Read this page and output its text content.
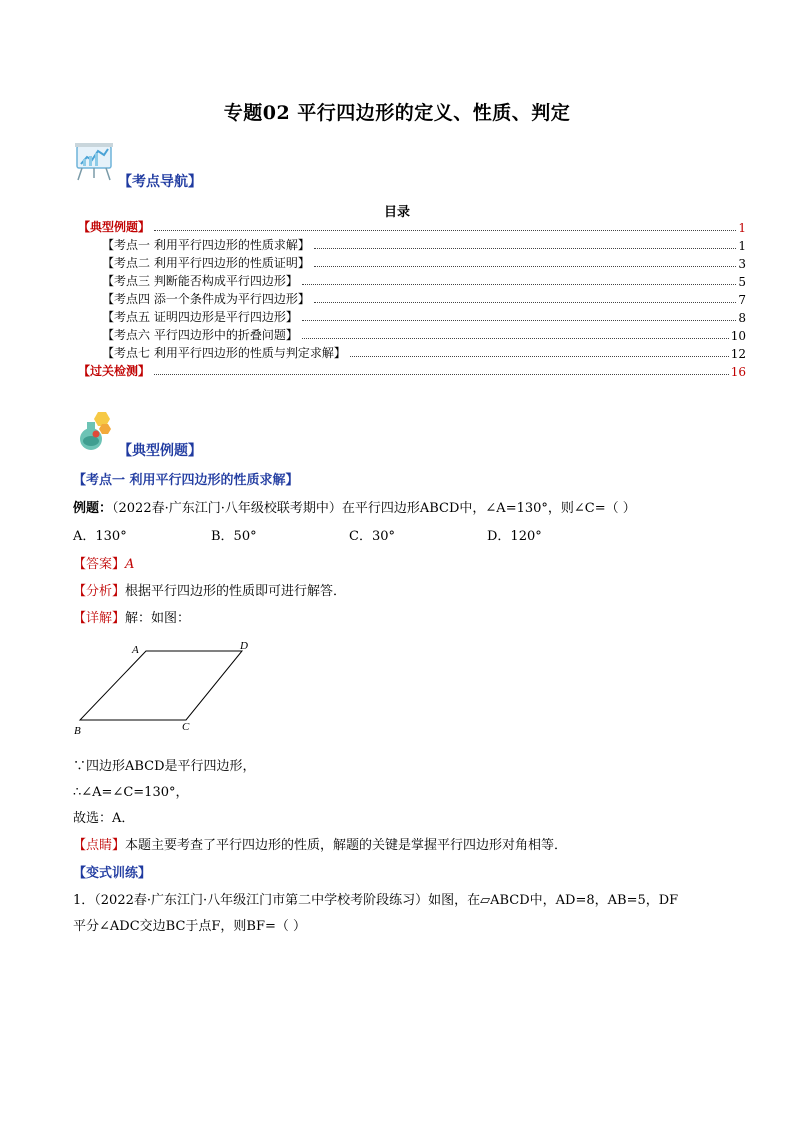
专题02 平行四边形的定义、性质、判定
【考点导航】
目录
【典型例题】	1
【考点一 利用平行四边形的性质求解】	1
【考点二 利用平行四边形的性质证明】	3
【考点三 判断能否构成平行四边形】	5
【考点四 添一个条件成为平行四边形】	7
【考点五 证明四边形是平行四边形】	8
【考点六 平行四边形中的折叠问题】	10
【考点七 利用平行四边形的性质与判定求解】	12
【过关检测】	16
【典型例题】
【考点一 利用平行四边形的性质求解】
例题：（2022春·广东江门·八年级校联考期中）在平行四边形ABCD中，∠A=130°，则∠C=（ ）
A．130°	B．50°	C．30°	D．120°
【答案】A
【分析】根据平行四边形的性质即可进行解答．
【详解】解：如图：
A	D
B	C
∵四边形ABCD是平行四边形，
∴∠A=∠C=130°，
故选：A．
【点睛】本题主要考查了平行四边形的性质，解题的关键是掌握平行四边形对角相等．
【变式训练】
1．（2022春·广东江门·八年级江门市第二中学校考阶段练习）如图，在▱ABCD中，AD=8，AB=5，DF
平分∠ADC交边BC于点F，则BF=（ ）
